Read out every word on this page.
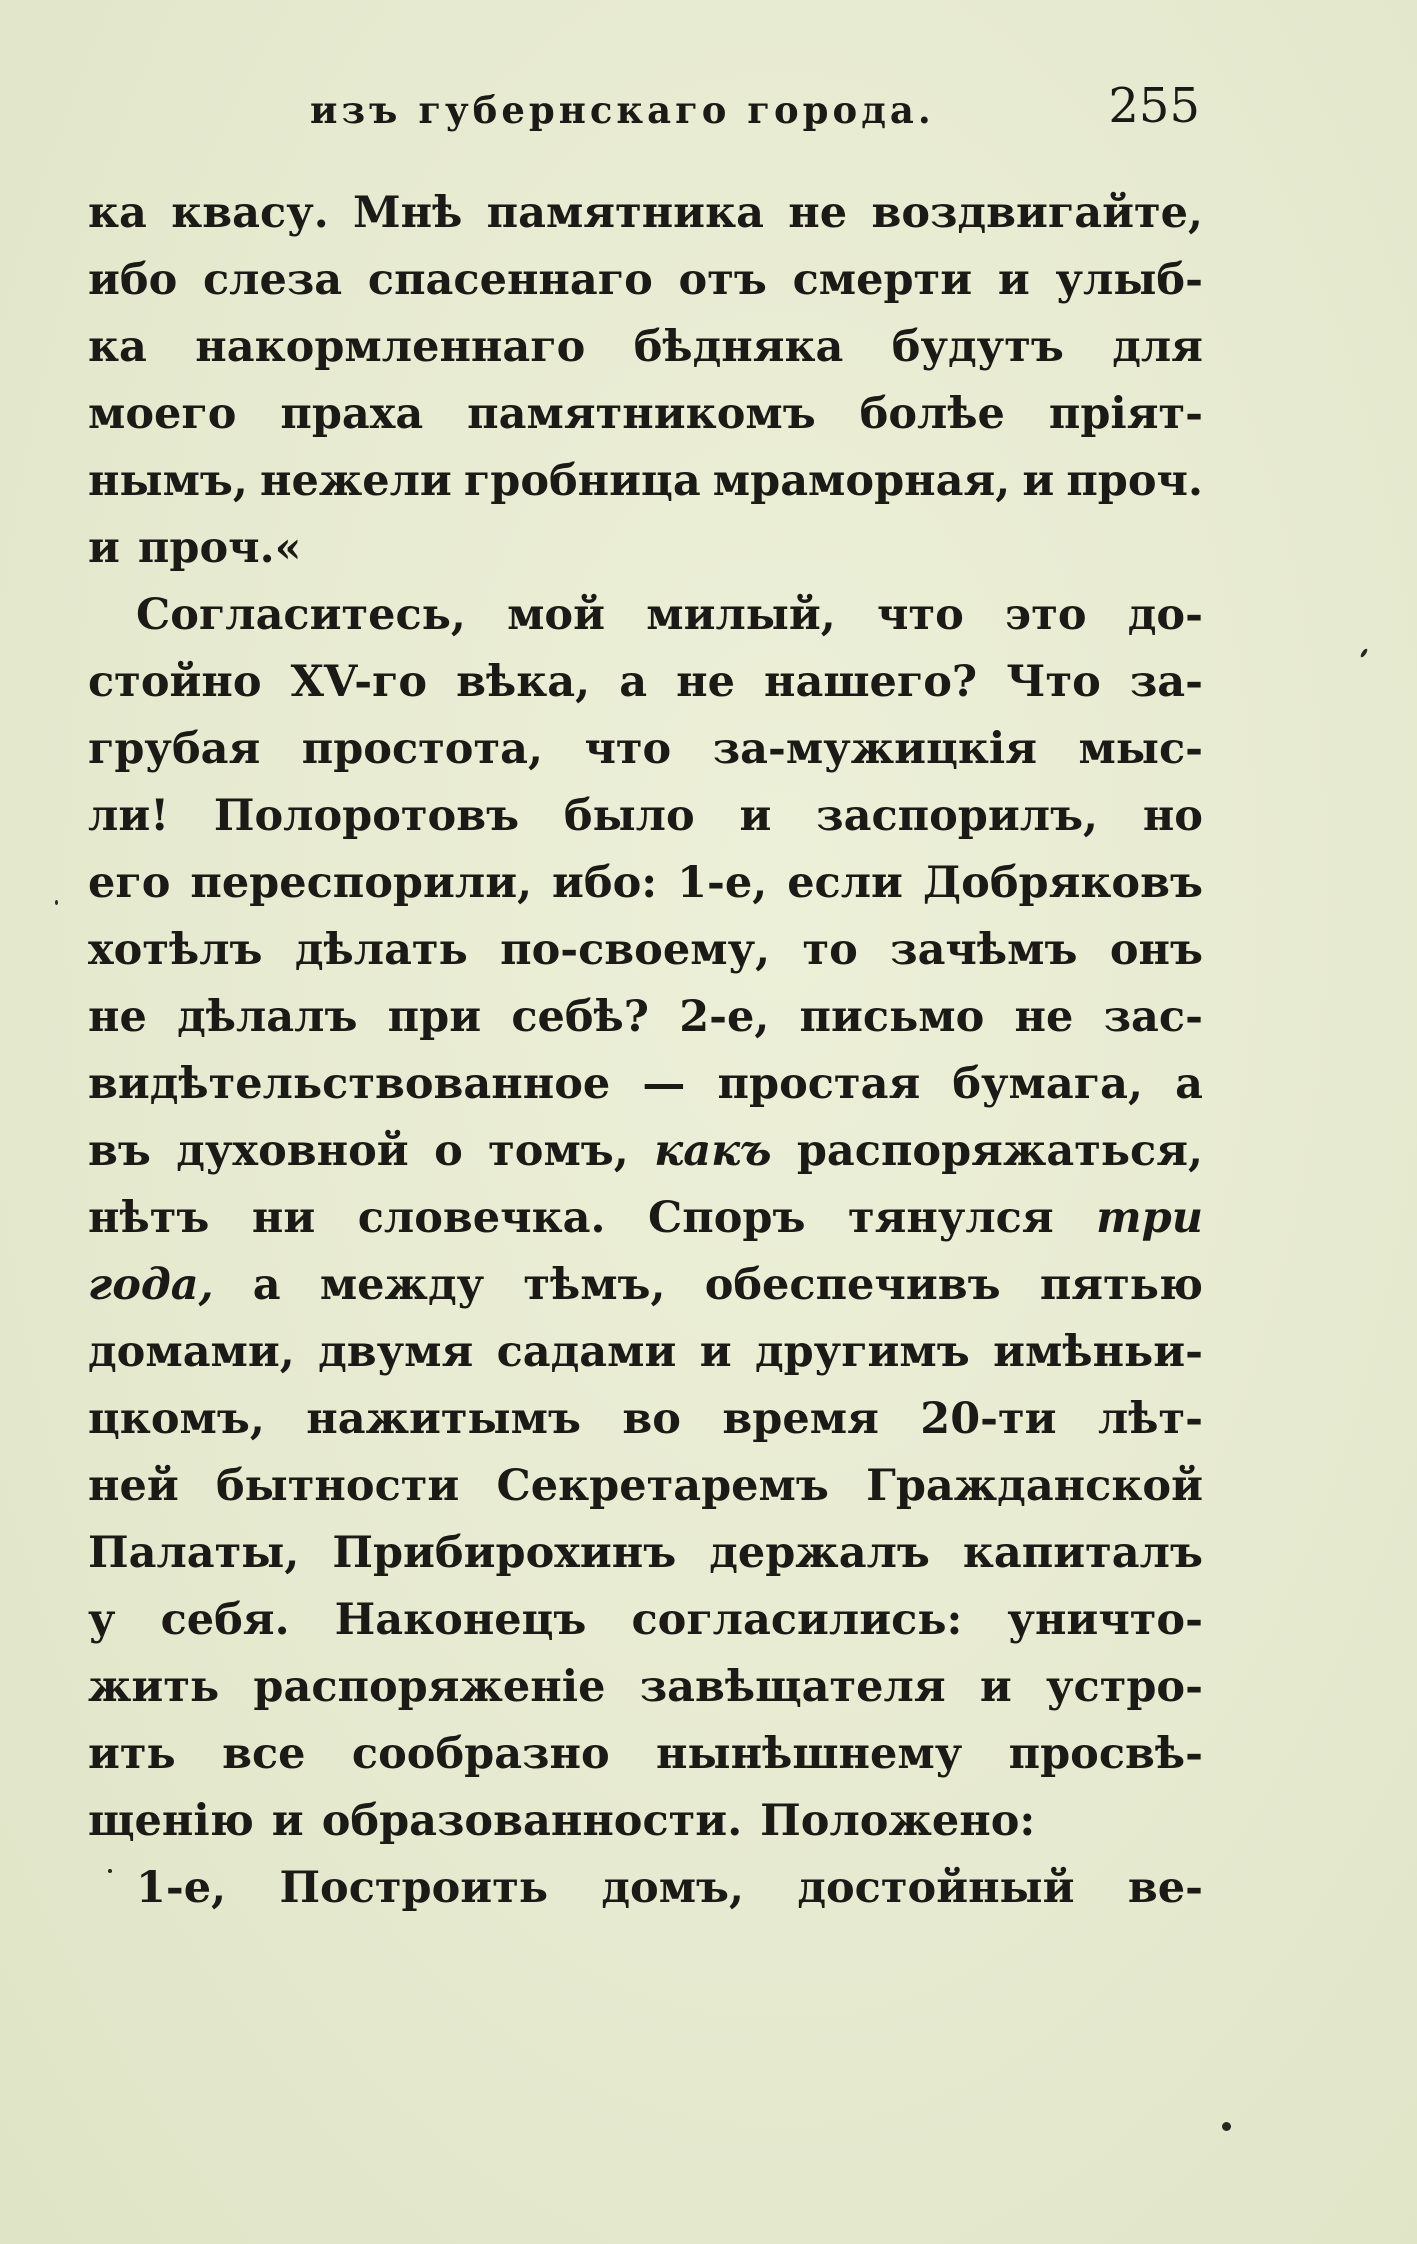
изъ губернскаго города.	255
ка квасу. Мнѣ памятника не воздвигайте,
ибо слеза спасеннаго отъ смерти и улыб-
ка накормленнаго бѣдняка будутъ для
моего праха памятникомъ болѣе пріят-
нымъ, нежели гробница мраморная, и проч.
и проч.«
Согласитесь, мой милый, что это до-
стойно XV-го вѣка, а не нашего? Что за-
грубая простота, что за-мужицкія мыс-
ли! Полоротовъ было и заспорилъ, но
его переспорили, ибо: 1-е, если Добряковъ
хотѣлъ дѣлать по-своему, то зачѣмъ онъ
не дѣлалъ при себѣ? 2-е, письмо не зас-
видѣтельствованное — простая бумага, а
въ духовной о томъ, какъ распоряжаться,
нѣтъ ни словечка. Споръ тянулся три
года, а между тѣмъ, обеспечивъ пятью
домами, двумя садами и другимъ имѣньи-
цкомъ, нажитымъ во время 20-ти лѣт-
ней бытности Секретаремъ Гражданской
Палаты, Прибирохинъ держалъ капиталъ
у себя. Наконецъ согласились: уничто-
жить распоряженіе завѣщателя и устро-
ить все сообразно нынѣшнему просвѣ-
щенію и образованности. Положено:
1-е, Построить домъ, достойный ве-
